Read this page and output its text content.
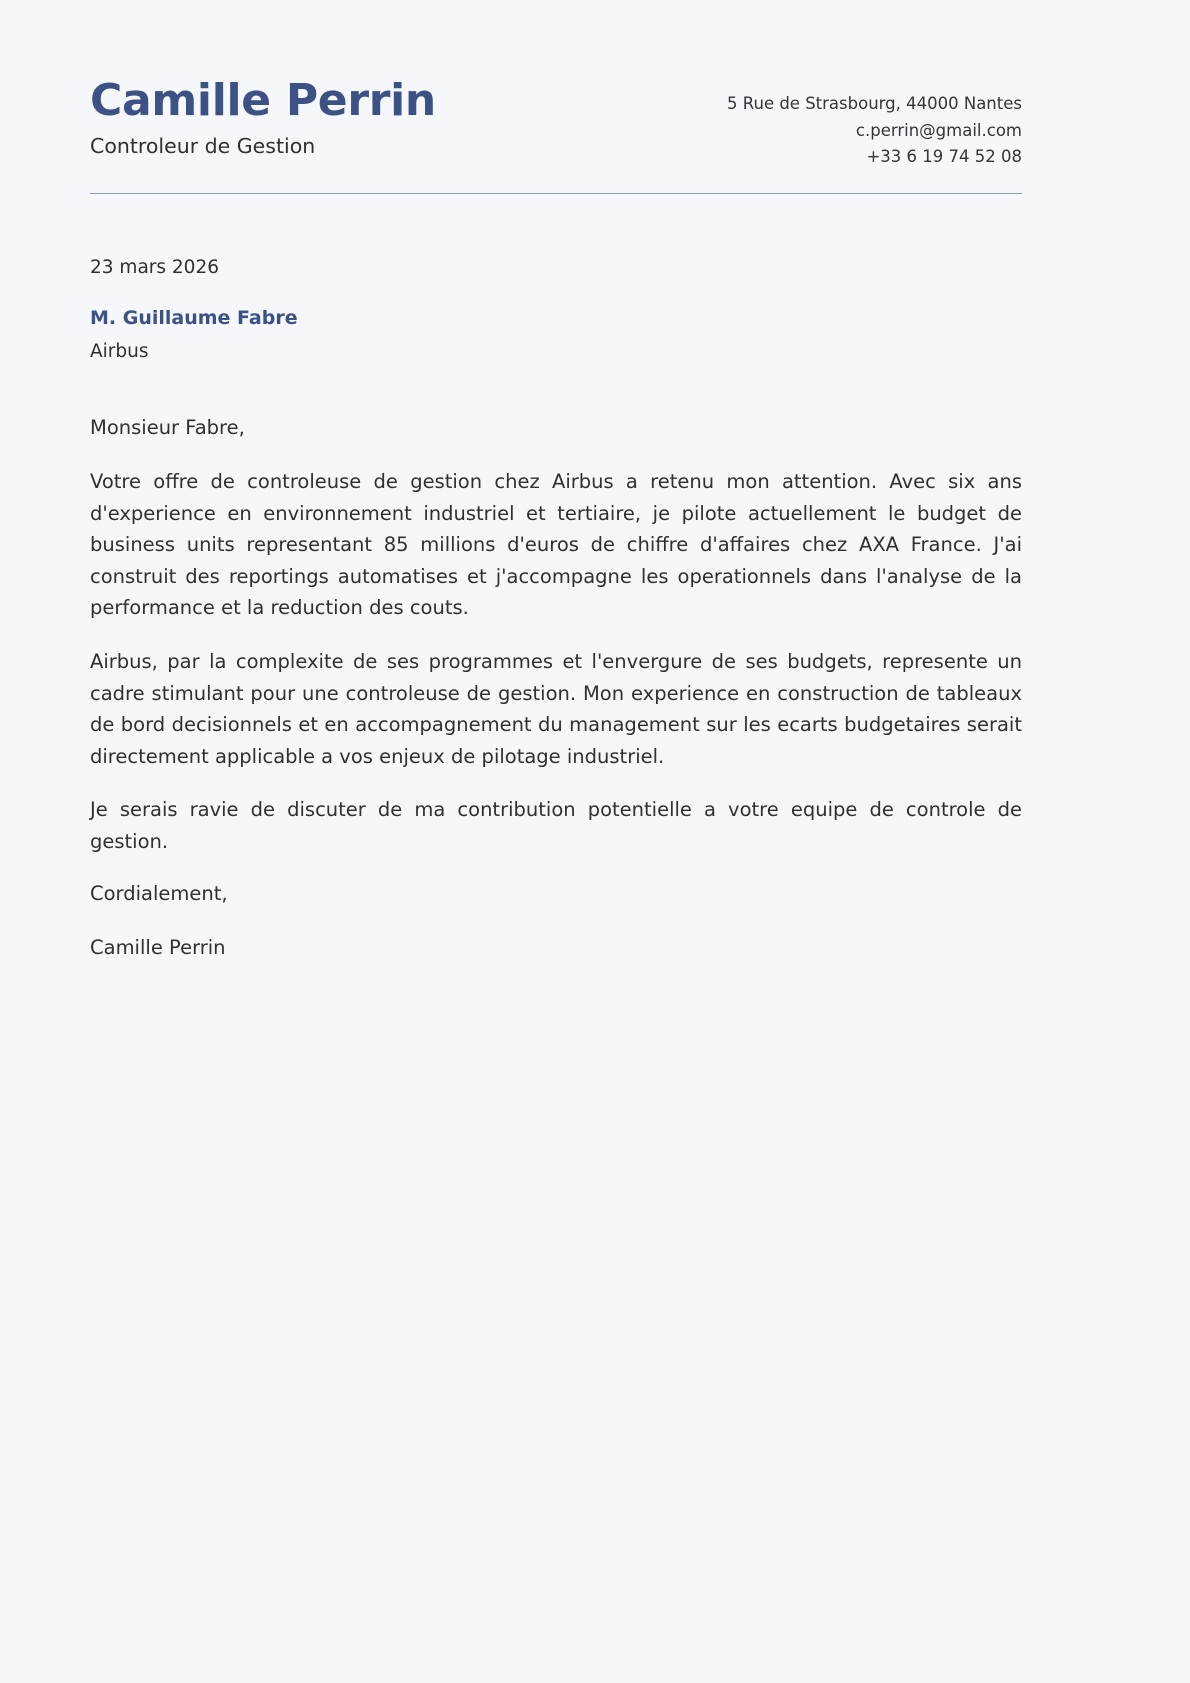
Camille Perrin
Controleur de Gestion
5 Rue de Strasbourg, 44000 Nantes
c.perrin@gmail.com
+33 6 19 74 52 08
23 mars 2026
M. Guillaume Fabre
Airbus

Monsieur Fabre,

Votre offre de controleuse de gestion chez Airbus a retenu mon attention. Avec six ans d'experience en environnement industriel et tertiaire, je pilote actuellement le budget de business units representant 85 millions d'euros de chiffre d'affaires chez AXA France. J'ai construit des reportings automatises et j'accompagne les operationnels dans l'analyse de la performance et la reduction des couts.

Airbus, par la complexite de ses programmes et l'envergure de ses budgets, represente un cadre stimulant pour une controleuse de gestion. Mon experience en construction de tableaux de bord decisionnels et en accompagnement du management sur les ecarts budgetaires serait directement applicable a vos enjeux de pilotage industriel.

Je serais ravie de discuter de ma contribution potentielle a votre equipe de controle de gestion.

Cordialement,

Camille Perrin
